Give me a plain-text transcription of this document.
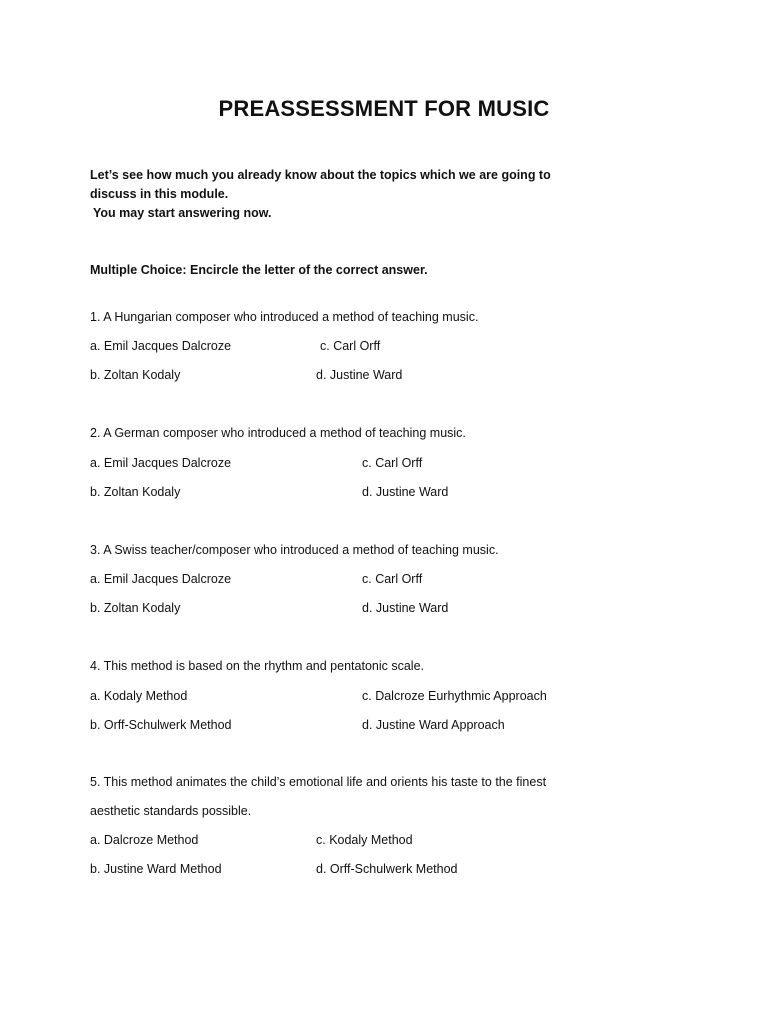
PREASSESSMENT FOR MUSIC
Let’s see how much you already know about the topics which we are going to
discuss in this module.
You may start answering now.
Multiple Choice: Encircle the letter of the correct answer.
1. A Hungarian composer who introduced a method of teaching music.
a. Emil Jacques Dalcroze	c. Carl Orff
b. Zoltan Kodaly	d. Justine Ward
2. A German composer who introduced a method of teaching music.
a. Emil Jacques Dalcroze	c. Carl Orff
b. Zoltan Kodaly	d. Justine Ward
3. A Swiss teacher/composer who introduced a method of teaching music.
a. Emil Jacques Dalcroze	c. Carl Orff
b. Zoltan Kodaly	d. Justine Ward
4. This method is based on the rhythm and pentatonic scale.
a. Kodaly Method	c. Dalcroze Eurhythmic Approach
b. Orff-Schulwerk Method	d. Justine Ward Approach
5. This method animates the child’s emotional life and orients his taste to the finest
aesthetic standards possible.
a. Dalcroze Method	c. Kodaly Method
b. Justine Ward Method	d. Orff-Schulwerk Method
